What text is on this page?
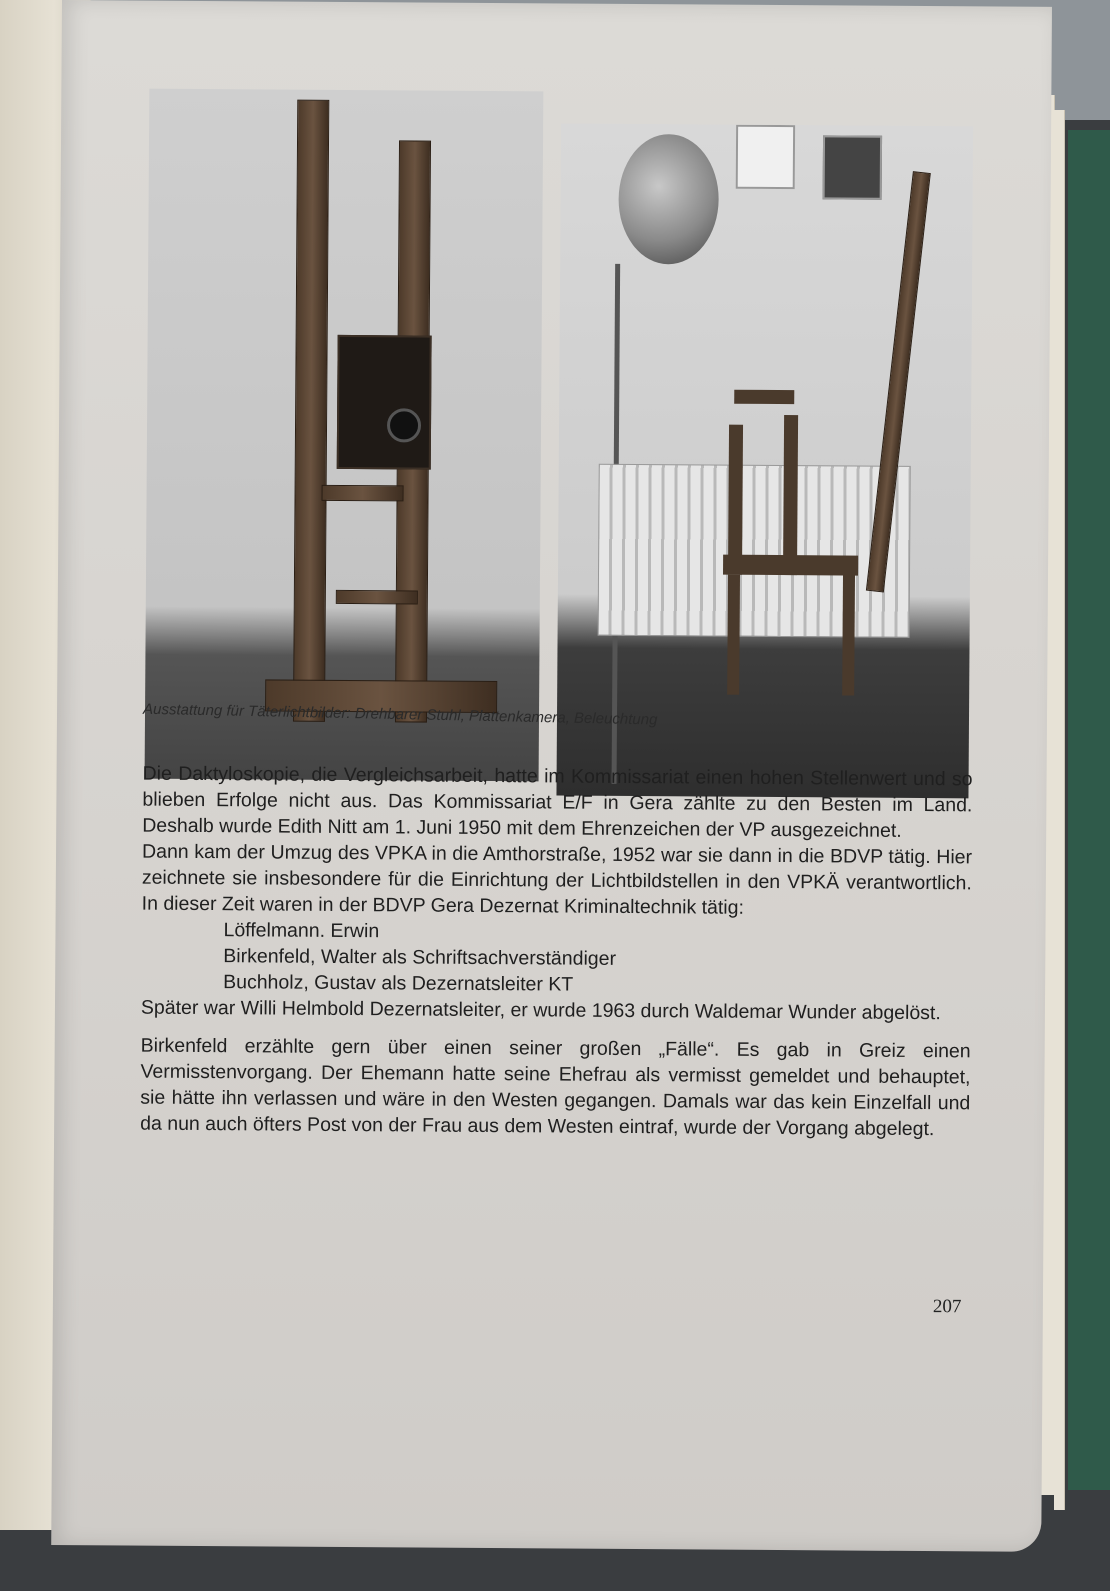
Ausstattung für Täterlichtbilder: Drehbarer Stuhl, Plattenkamera, Beleuchtung

Die Daktyloskopie, die Vergleichsarbeit, hatte im Kommissariat einen hohen Stellenwert und so blieben Erfolge nicht aus. Das Kommissariat E/F in Gera zählte zu den Besten im Land. Deshalb wurde Edith Nitt am 1. Juni 1950 mit dem Ehrenzeichen der VP ausgezeichnet.

Dann kam der Umzug des VPKA in die Amthorstraße, 1952 war sie dann in die BDVP tätig. Hier zeichnete sie insbesondere für die Einrichtung der Lichtbildstellen in den VPKÄ verantwortlich. In dieser Zeit waren in der BDVP Gera Dezernat Kriminaltechnik tätig:

Löffelmann. Erwin
Birkenfeld, Walter als Schriftsachverständiger
Buchholz, Gustav als Dezernatsleiter KT

Später war Willi Helmbold Dezernatsleiter, er wurde 1963 durch Waldemar Wunder abgelöst.

Birkenfeld erzählte gern über einen seiner großen „Fälle“. Es gab in Greiz einen Vermisstenvorgang. Der Ehemann hatte seine Ehefrau als vermisst gemeldet und behauptet, sie hätte ihn verlassen und wäre in den Westen gegangen. Damals war das kein Einzelfall und da nun auch öfters Post von der Frau aus dem Westen eintraf, wurde der Vorgang abgelegt.

207
